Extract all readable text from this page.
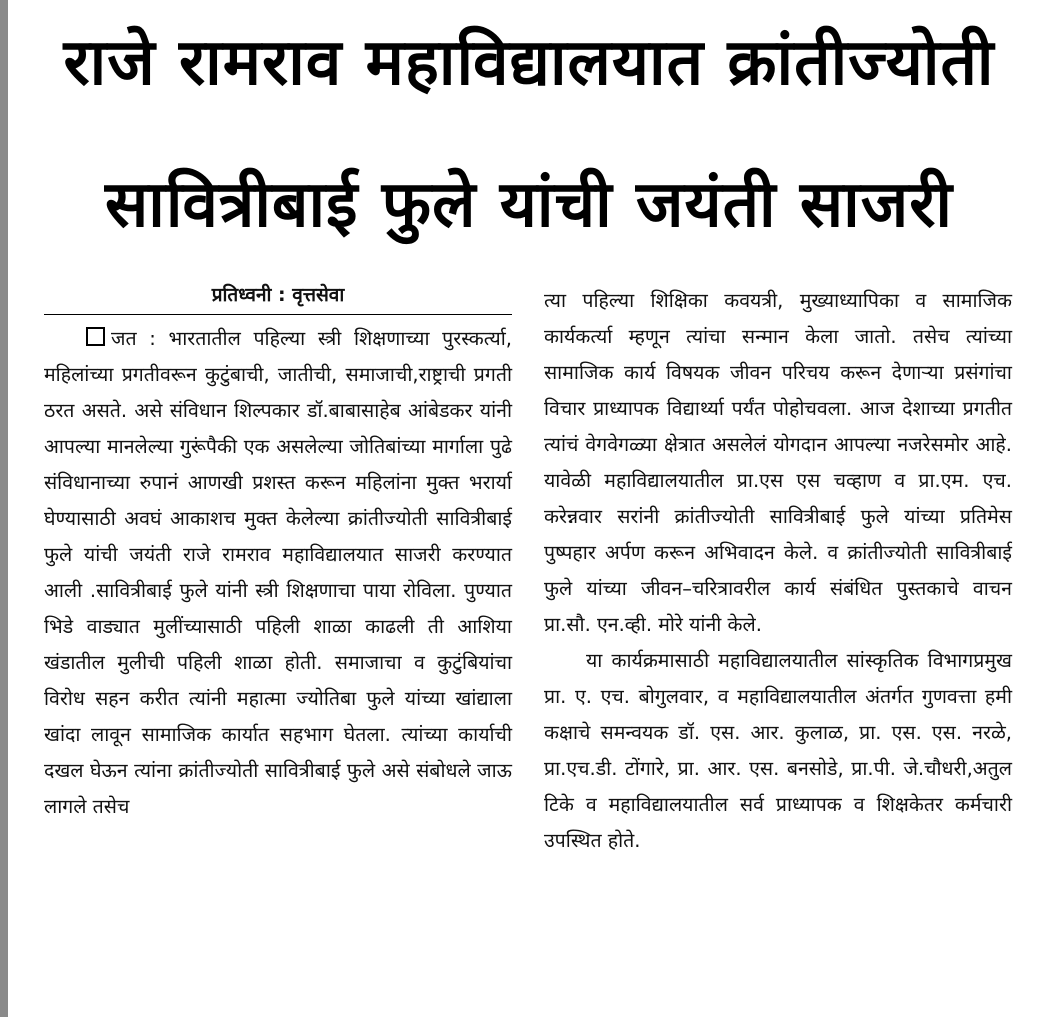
राजे रामराव महाविद्यालयात क्रांतीज्योती
सावित्रीबाई फुले यांची जयंती साजरी
प्रतिध्वनी : वृत्तसेवा

जत : भारतातील पहिल्या स्त्री शिक्षणाच्या पुरस्कर्त्या, महिलांच्या प्रगतीवरून कुटुंबाची, जातीची, समाजाची,राष्ट्राची प्रगती ठरत असते. असे संविधान शिल्पकार डॉ.बाबासाहेब आंबेडकर यांनी आपल्या मानलेल्या गुरूंपैकी एक असलेल्या जोतिबांच्या मार्गाला पुढे संविधानाच्या रुपानं आणखी प्रशस्त करून महिलांना मुक्त भरार्या घेण्यासाठी अवघं आकाशच मुक्त केलेल्या क्रांतीज्योती सावित्रीबाई फुले यांची जयंती राजे रामराव महाविद्यालयात साजरी करण्यात आली .सावित्रीबाई फुले यांनी स्त्री शिक्षणाचा पाया रोविला. पुण्यात भिडे वाड्यात मुलींच्यासाठी पहिली शाळा काढली ती आशिया खंडातील मुलीची पहिली शाळा होती. समाजाचा व कुटुंबियांचा विरोध सहन करीत त्यांनी महात्मा ज्योतिबा फुले यांच्या खांद्याला खांदा लावून सामाजिक कार्यात सहभाग घेतला. त्यांच्या कार्याची दखल घेऊन त्यांना क्रांतीज्योती सावित्रीबाई फुले असे संबोधले जाऊ लागले तसेच

त्या पहिल्या शिक्षिका कवयत्री, मुख्याध्यापिका व सामाजिक कार्यकर्त्या म्हणून त्यांचा सन्मान केला जातो. तसेच त्यांच्या सामाजिक कार्य विषयक जीवन परिचय करून देणाऱ्या प्रसंगांचा विचार प्राध्यापक विद्यार्थ्या पर्यंत पोहोचवला. आज देशाच्या प्रगतीत त्यांचं वेगवेगळ्या क्षेत्रात असलेलं योगदान आपल्या नजरेसमोर आहे. यावेळी महाविद्यालयातील प्रा.एस एस चव्हाण व प्रा.एम. एच. करेन्नवार सरांनी क्रांतीज्योती सावित्रीबाई फुले यांच्या प्रतिमेस पुष्पहार अर्पण करून अभिवादन केले. व क्रांतीज्योती सावित्रीबाई फुले यांच्या जीवन–चरित्रावरील कार्य संबंधित पुस्तकाचे वाचन प्रा.सौ. एन.व्ही. मोरे यांनी केले.

या कार्यक्रमासाठी महाविद्यालयातील सांस्कृतिक विभागप्रमुख प्रा. ए. एच. बोगुलवार, व महाविद्यालयातील अंतर्गत गुणवत्ता हमी कक्षाचे समन्वयक डॉ. एस. आर. कुलाळ, प्रा. एस. एस. नरळे, प्रा.एच.डी. टोंगारे, प्रा. आर. एस. बनसोडे, प्रा.पी. जे.चौधरी,अतुल टिके व महाविद्यालयातील सर्व प्राध्यापक व शिक्षकेतर कर्मचारी उपस्थित होते.
